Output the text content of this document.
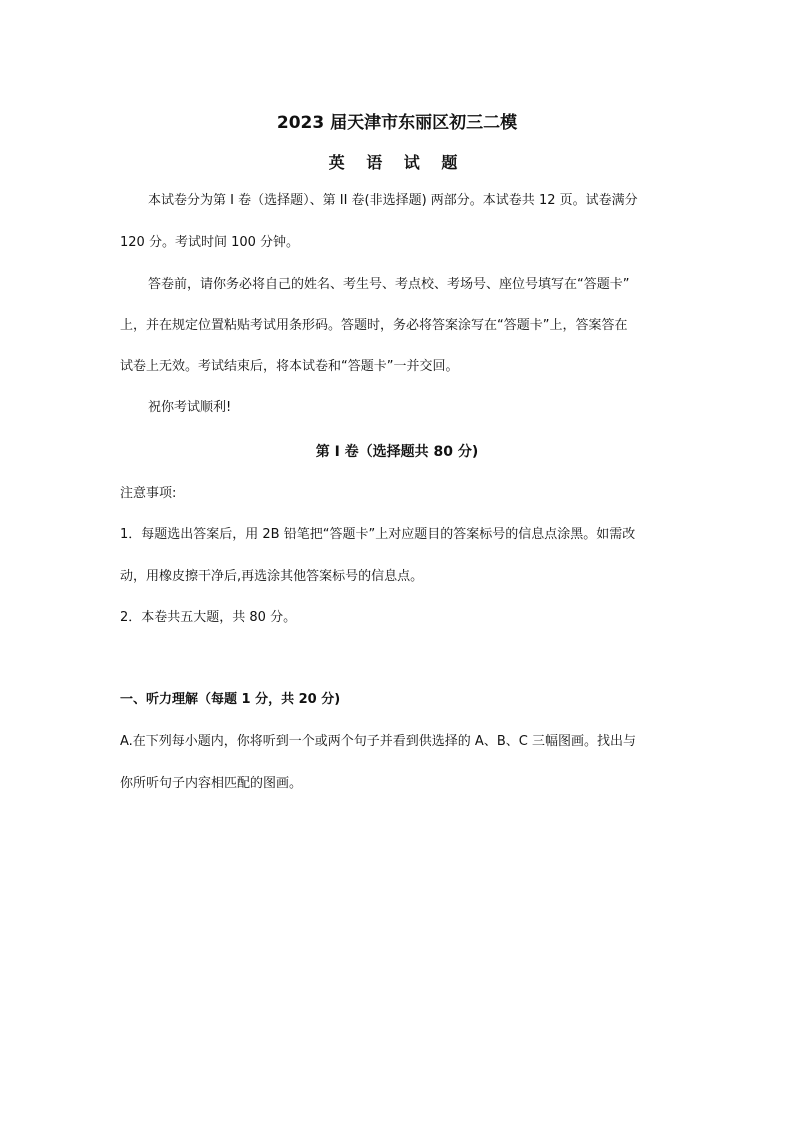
2023 届天津市东丽区初三二模
英 语 试 题
本试卷分为第 I 卷（选择题）、第 II 卷(非选择题) 两部分。本试卷共 12 页。试卷满分
120 分。考试时间 100 分钟。
答卷前，请你务必将自己的姓名、考生号、考点校、考场号、座位号填写在“答题卡”
上，并在规定位置粘贴考试用条形码。答题时，务必将答案涂写在“答题卡”上，答案答在
试卷上无效。考试结束后，将本试卷和“答题卡”一并交回。
祝你考试顺利!
第 I 卷（选择题共 80 分)
注意事项:
1．每题选出答案后，用 2B 铅笔把“答题卡”上对应题目的答案标号的信息点涂黑。如需改
动，用橡皮擦干净后,再选涂其他答案标号的信息点。
2．本卷共五大题，共 80 分。
一、听力理解（每题 1 分，共 20 分)
A.在下列每小题内，你将听到一个或两个句子并看到供选择的 A、B、C 三幅图画。找出与
你所听句子内容相匹配的图画。
